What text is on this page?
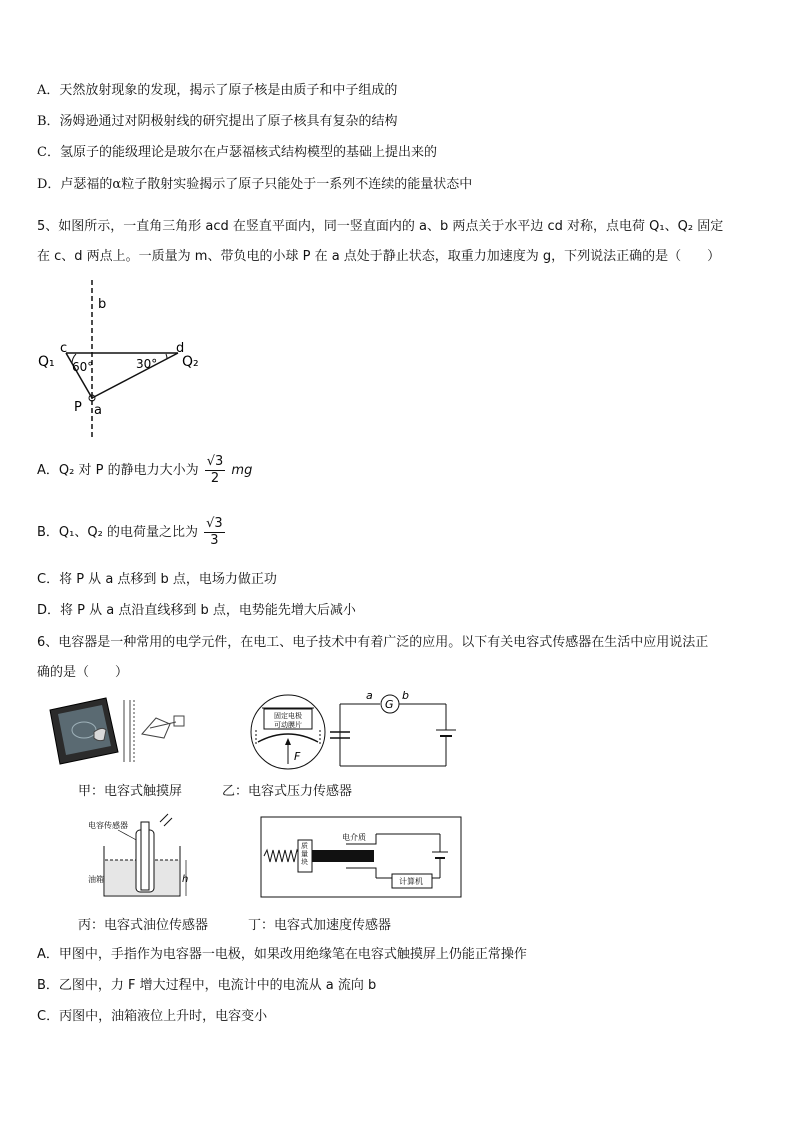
A．天然放射现象的发现，揭示了原子核是由质子和中子组成的
B．汤姆逊通过对阴极射线的研究提出了原子核具有复杂的结构
C．氢原子的能级理论是玻尔在卢瑟福核式结构模型的基础上提出来的
D．卢瑟福的α粒子散射实验揭示了原子只能处于一系列不连续的能量状态中
5、如图所示，一直角三角形 acd 在竖直平面内，同一竖直面内的 a、b 两点关于水平边 cd 对称，点电荷 Q₁、Q₂ 固定
在 c、d 两点上。一质量为 m、带负电的小球 P 在 a 点处于静止状态，取重力加速度为 g，下列说法正确的是（　　）
b
c	d
Q₁	Q₂
60°	30°
P a
A．Q₂ 对 P 的静电力大小为 $\frac{√3}{2}$ mg
B．Q₁、Q₂ 的电荷量之比为 $\frac{√3}{3}$
C．将 P 从 a 点移到 b 点，电场力做正功
D．将 P 从 a 点沿直线移到 b 点，电势能先增大后减小
6、电容器是一种常用的电学元件，在电工、电子技术中有着广泛的应用。以下有关电容式传感器在生活中应用说法正
确的是（　　）
固定电极
可动膜片
F
G
a	b
甲：电容式触摸屏	乙：电容式压力传感器
电容传感器
油箱	h
质量块
电介质
计算机
丙：电容式油位传感器	丁：电容式加速度传感器
A．甲图中，手指作为电容器一电极，如果改用绝缘笔在电容式触摸屏上仍能正常操作
B．乙图中，力 F 增大过程中，电流计中的电流从 a 流向 b
C．丙图中，油箱液位上升时，电容变小
